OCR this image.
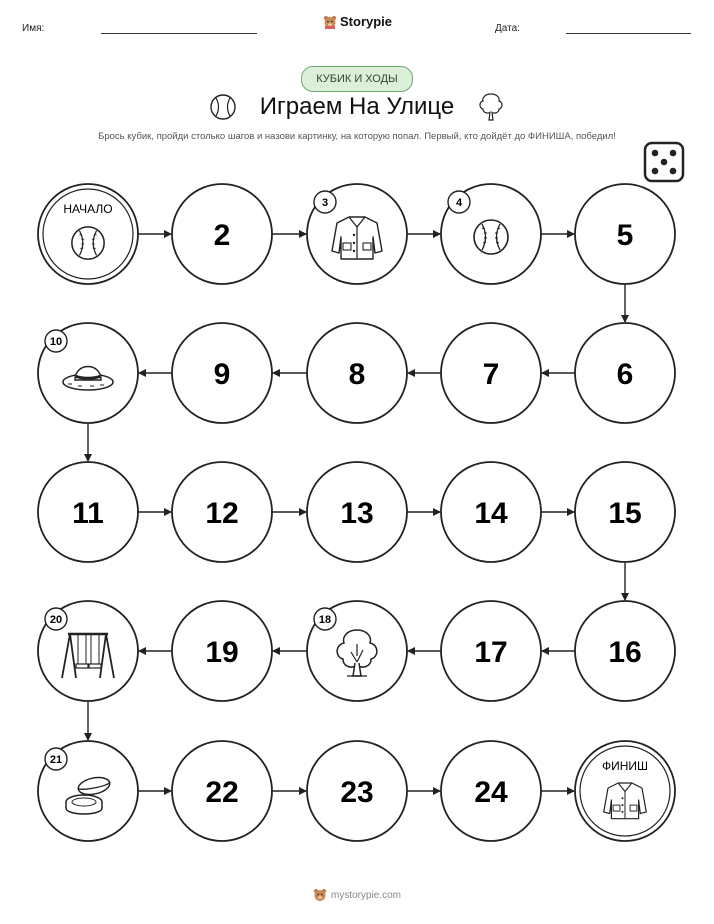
Имя:	Storypie	Дата:
КУБИК И ХОДЫ
Играем На Улице
Брось кубик, пройди столько шагов и назови картинку, на которую попал. Первый, кто дойдёт до ФИНИША, победил!
НАЧАЛО
2
3	4
5
6
7
8
9
10
11	12	13	14	15
16
17
18
19
20
21
22	23	24
ФИНИШ
mystorypie.com
